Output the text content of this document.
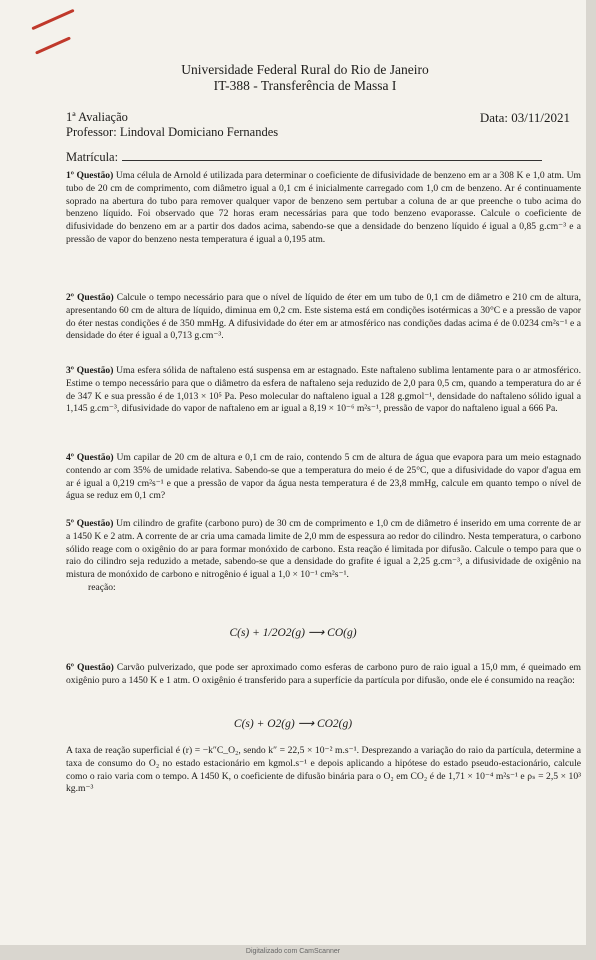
Universidade Federal Rural do Rio de Janeiro
IT-388 - Transferência de Massa I
1ª Avaliação	Data: 03/11/2021
Professor: Lindoval Domiciano Fernandes
Matrícula:
1º Questão) Uma célula de Arnold é utilizada para determinar o coeficiente de difusividade de benzeno em ar a 308 K e 1,0 atm. Um tubo de 20 cm de comprimento, com diâmetro igual a 0,1 cm é inicialmente carregado com 1,0 cm de benzeno. Ar é continuamente soprado na abertura do tubo para remover qualquer vapor de benzeno sem pertubar a coluna de ar que preenche o tubo acima do benzeno líquido. Foi observado que 72 horas eram necessárias para que todo benzeno evaporasse. Calcule o coeficiente de difusividade do benzeno em ar a partir dos dados acima, sabendo-se que a densidade do benzeno líquido é igual a 0,85 g.cm⁻³ e a pressão de vapor do benzeno nesta temperatura é igual a 0,195 atm.
2º Questão) Calcule o tempo necessário para que o nível de líquido de éter em um tubo de 0,1 cm de diâmetro e 210 cm de altura, apresentando 60 cm de altura de líquido, diminua em 0,2 cm. Este sistema está em condições isotérmicas a 30°C e a pressão de vapor do éter nestas condições é de 350 mmHg. A difusividade do éter em ar atmosférico nas condições dadas acima é de 0.0234 cm²s⁻¹ e a densidade do éter é igual a 0,713 g.cm⁻³.
3º Questão) Uma esfera sólida de naftaleno está suspensa em ar estagnado. Este naftaleno sublima lentamente para o ar atmosférico. Estime o tempo necessário para que o diâmetro da esfera de naftaleno seja reduzido de 2,0 para 0,5 cm, quando a temperatura do ar é de 347 K e sua pressão é de 1,013 × 10⁵ Pa. Peso molecular do naftaleno igual a 128 g.gmol⁻¹, densidade do naftaleno sólido igual a 1,145 g.cm⁻³, difusividade do vapor de naftaleno em ar igual a 8,19 × 10⁻⁶ m²s⁻¹, pressão de vapor do naftaleno igual a 666 Pa.
4º Questão) Um capilar de 20 cm de altura e 0,1 cm de raio, contendo 5 cm de altura de água que evapora para um meio estagnado contendo ar com 35% de umidade relativa. Sabendo-se que a temperatura do meio é de 25°C, que a difusividade do vapor d'agua em ar é igual a 0,219 cm²s⁻¹ e que a pressão de vapor da água nesta temperatura é de 23,8 mmHg, calcule em quanto tempo o nível de água se reduz em 0,1 cm?
5º Questão) Um cilindro de grafite (carbono puro) de 30 cm de comprimento e 1,0 cm de diâmetro é inserido em uma corrente de ar a 1450 K e 2 atm. A corrente de ar cria uma camada limite de 2,0 mm de espessura ao redor do cilindro. Nesta temperatura, o carbono sólido reage com o oxigênio do ar para formar monóxido de carbono. Esta reação é limitada por difusão. Calcule o tempo para que o raio do cilindro seja reduzido a metade, sabendo-se que a densidade do grafite é igual a 2,25 g.cm⁻³, a difusividade de oxigênio na mistura de monóxido de carbono e nitrogênio é igual a 1,0 × 10⁻¹ cm²s⁻¹.
reação:
C(s) + 1/2O2(g) ⟶ CO(g)
6º Questão) Carvão pulverizado, que pode ser aproximado como esferas de carbono puro de raio igual a 15,0 mm, é queimado em oxigênio puro a 1450 K e 1 atm. O oxigênio é transferido para a superfície da partícula por difusão, onde ele é consumido na reação:
C(s) + O2(g) ⟶ CO2(g)
A taxa de reação superficial é (r) = −k″C_O₂, sendo k″ = 22,5 × 10⁻² m.s⁻¹. Desprezando a variação do raio da partícula, determine a taxa de consumo do O₂ no estado estacionário em kgmol.s⁻¹ e depois aplicando a hipótese do estado pseudo-estacionário, calcule como o raio varia com o tempo. A 1450 K, o coeficiente de difusão binária para o O₂ em CO₂ é de 1,71 × 10⁻⁴ m²s⁻¹ e ρₛ = 2,5 × 10³ kg.m⁻³
Digitalizado com CamScanner
